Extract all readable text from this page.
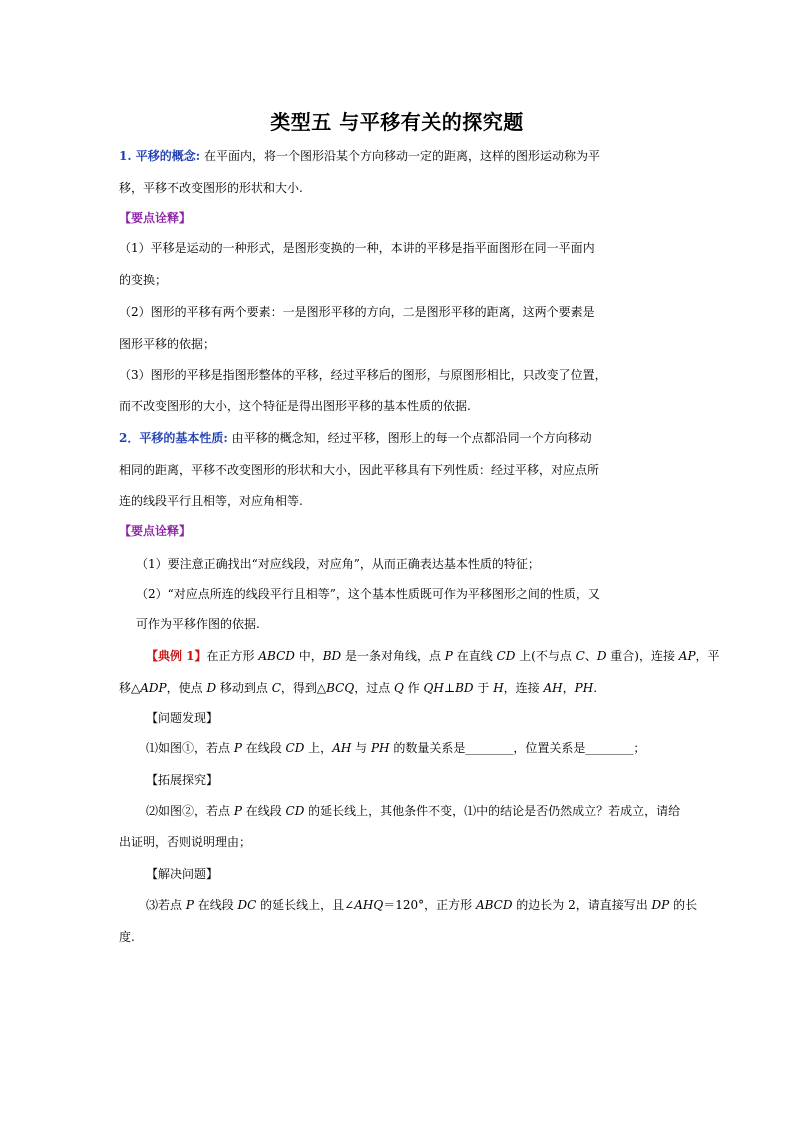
类型五 与平移有关的探究题
1. 平移的概念: 在平面内，将一个图形沿某个方向移动一定的距离，这样的图形运动称为平
移，平移不改变图形的形状和大小.
【要点诠释】
（1）平移是运动的一种形式，是图形变换的一种，本讲的平移是指平面图形在同一平面内
的变换；
（2）图形的平移有两个要素：一是图形平移的方向，二是图形平移的距离，这两个要素是
图形平移的依据；
（3）图形的平移是指图形整体的平移，经过平移后的图形，与原图形相比，只改变了位置，
而不改变图形的大小，这个特征是得出图形平移的基本性质的依据.
2．平移的基本性质: 由平移的概念知，经过平移，图形上的每一个点都沿同一个方向移动
相同的距离，平移不改变图形的形状和大小，因此平移具有下列性质：经过平移，对应点所
连的线段平行且相等，对应角相等.
【要点诠释】
（1）要注意正确找出“对应线段，对应角”，从而正确表达基本性质的特征；
（2）“对应点所连的线段平行且相等”，这个基本性质既可作为平移图形之间的性质，又
可作为平移作图的依据.
【典例 1】在正方形 ABCD 中，BD 是一条对角线，点 P 在直线 CD 上(不与点 C、D 重合)，连接 AP，平
移△ADP，使点 D 移动到点 C，得到△BCQ，过点 Q 作 QH⊥BD 于 H，连接 AH，PH.
【问题发现】
⑴如图①，若点 P 在线段 CD 上，AH 与 PH 的数量关系是________，位置关系是________；
【拓展探究】
⑵如图②，若点 P 在线段 CD 的延长线上，其他条件不变，⑴中的结论是否仍然成立？若成立，请给
出证明，否则说明理由；
【解决问题】
⑶若点 P 在线段 DC 的延长线上，且∠AHQ＝120°，正方形 ABCD 的边长为 2，请直接写出 DP 的长
度.
